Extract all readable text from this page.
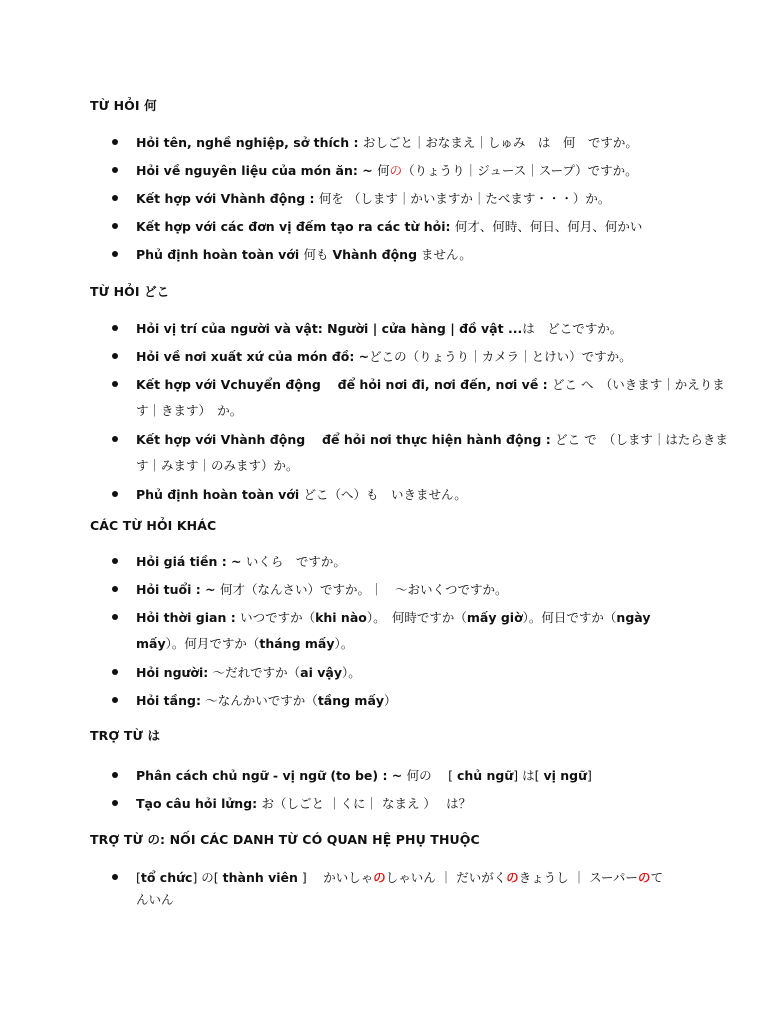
TỪ HỎI 何
Hỏi tên, nghề nghiệp, sở thích : おしごと｜おなまえ｜しゅみ　は　何　ですか。
Hỏi về nguyên liệu của món ăn: ~ 何の（りょうり｜ジュース｜スープ）ですか。
Kết hợp với Vhành động : 何を （します｜かいますか｜たべます・・・）か。
Kết hợp với các đơn vị đếm tạo ra các từ hỏi: 何才、何時、何日、何月、何かい
Phủ định hoàn toàn với 何も Vhành động ません。
TỪ HỎI どこ
Hỏi vị trí của người và vật: Người | cửa hàng | đồ vật ...は　どこですか。
Hỏi về nơi xuất xứ của món đồ: ~どこの（りょうり｜カメラ｜とけい）ですか。
Kết hợp với Vchuyển động　 để hỏi nơi đi, nơi đến, nơi về : どこ へ　（いきます｜かえりま
す｜きます）　か。
Kết hợp với Vhành động　 để hỏi nơi thực hiện hành động : どこ で　（します｜はたらきま
す｜みます｜のみます）か。
Phủ định hoàn toàn với どこ（へ）も　いきません。
CÁC TỪ HỎI KHÁC
Hỏi giá tiền : ~ いくら　ですか。
Hỏi tuổi : ~ 何才（なんさい）ですか。｜　～おいくつですか。
Hỏi thời gian : いつですか（khi nào）。　何時ですか（mấy giờ）。何日ですか（ngày
mấy）。何月ですか（tháng mấy）。
Hỏi người: ～だれですか（ai vậy）。
Hỏi tầng: ～なんかいですか（tầng mấy）
TRỢ TỪ は
Phân cách chủ ngữ - vị ngữ (to be) : ~ 何の　 [ chủ ngữ] は[ vị ngữ]
Tạo câu hỏi lửng: お（しごと ｜くに｜ なまえ ）　 は？
TRỢ TỪ の: NỐI CÁC DANH TỪ CÓ QUAN HỆ PHỤ THUỘC
[tổ chức] の[ thành viên ]　 かいしゃのしゃいん ｜ だいがくのきょうし ｜ スーパーのて
んいん
